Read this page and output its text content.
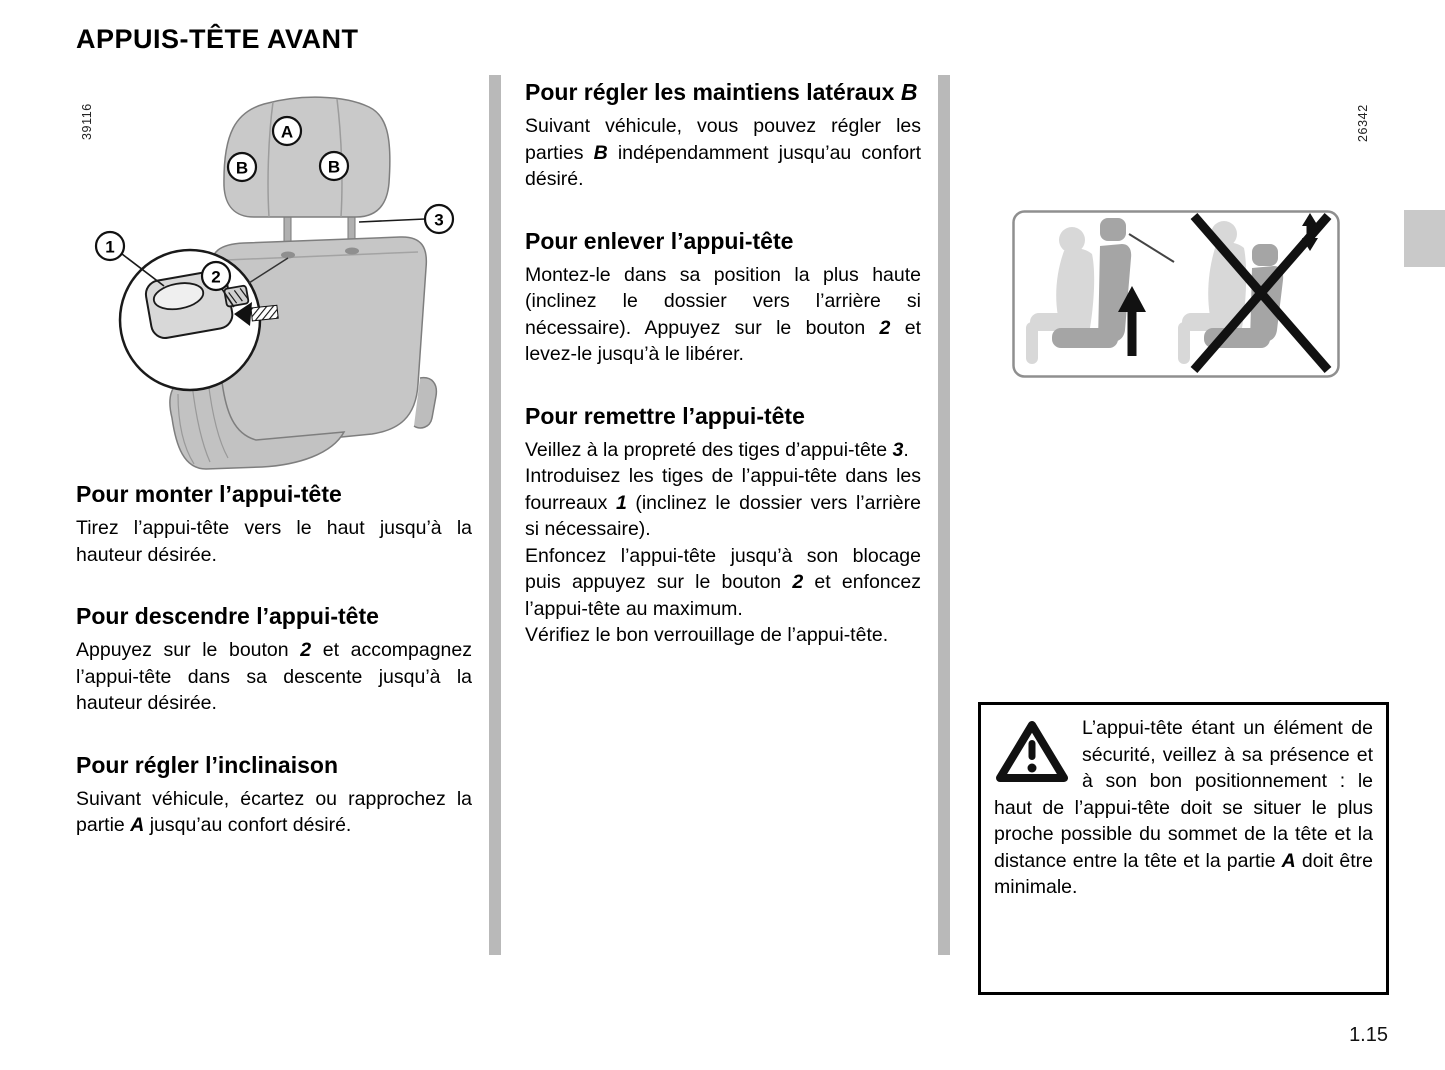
APPUIS-TÊTE AVANT
39116	26342
A
B	B
3
1
2
Pour monter l’appui-tête

Tirez l’appui-tête vers le haut jusqu’à la hauteur désirée.

Pour descendre l’appui-tête

Appuyez sur le bouton 2 et accompagnez l’appui-tête dans sa descente jusqu’à la hauteur désirée.

Pour régler l’inclinaison

Suivant véhicule, écartez ou rapprochez la partie A jusqu’au confort désiré.

Pour régler les maintiens latéraux B

Suivant véhicule, vous pouvez régler les parties B indépendamment jusqu’au confort désiré.

Pour enlever l’appui-tête

Montez-le dans sa position la plus haute (inclinez le dossier vers l’arrière si nécessaire). Appuyez sur le bouton 2 et levez-le jusqu’à le libérer.

Pour remettre l’appui-tête

Veillez à la propreté des tiges d’appui-tête 3.

Introduisez les tiges de l’appui-tête dans les fourreaux 1 (inclinez le dossier vers l’arrière si nécessaire).

Enfoncez l’appui-tête jusqu’à son blocage puis appuyez sur le bouton 2 et enfoncez l’appui-tête au maximum.

Vérifiez le bon verrouillage de l’appui-tête.

L’appui-tête étant un élément de sécurité, veillez à sa présence et à son bon positionnement : le haut de l’appui-tête doit se situer le plus proche possible du sommet de la tête et la distance entre la tête et la partie A doit être minimale.

1.15
